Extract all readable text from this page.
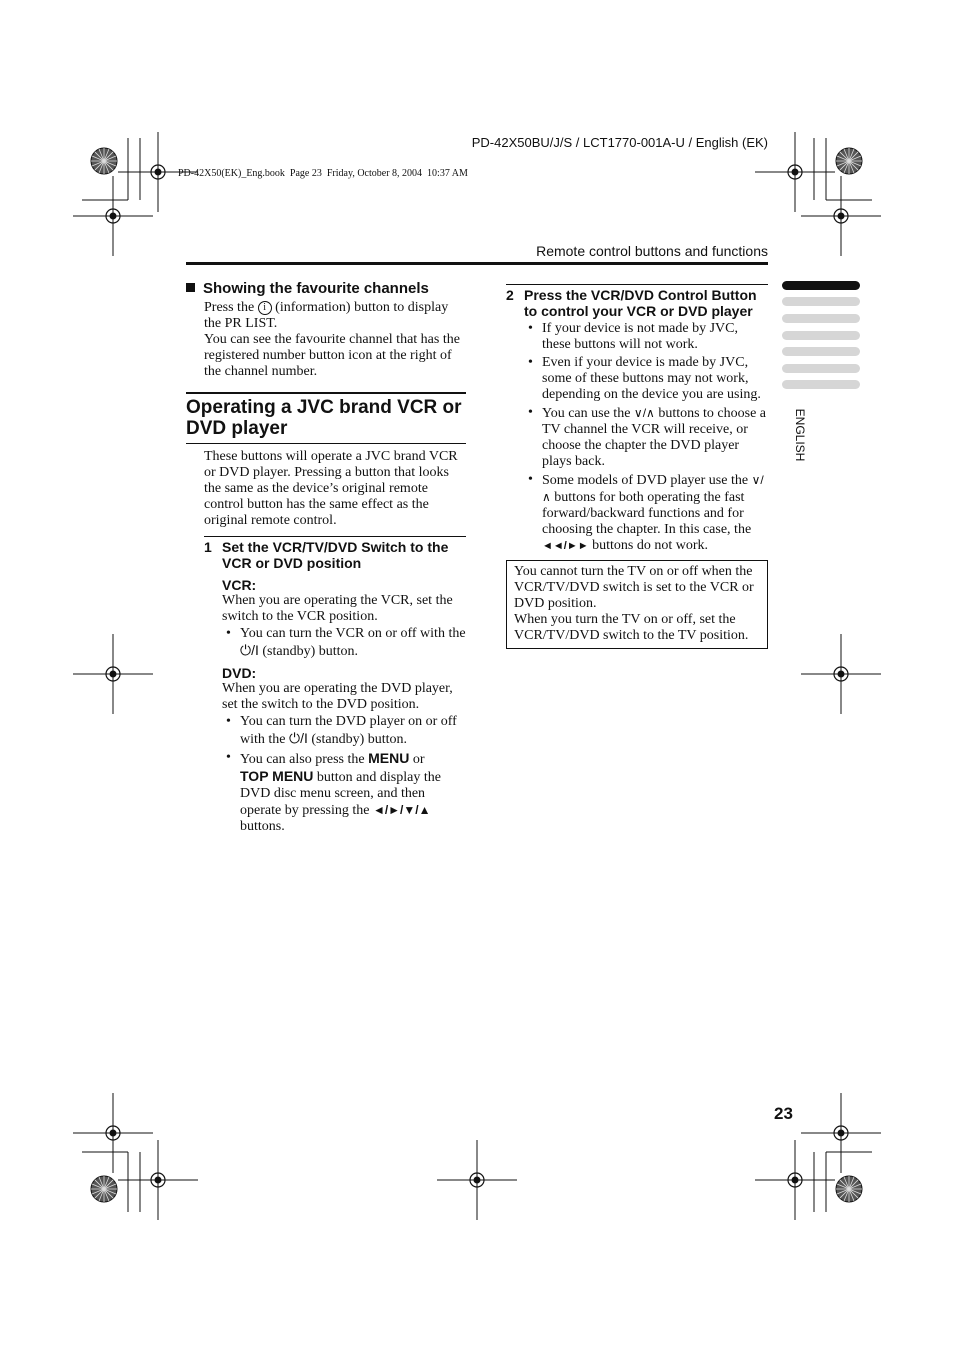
PD-42X50BU/J/S / LCT1770-001A-U / English (EK)
PD-42X50(EK)_Eng.book  Page 23  Friday, October 8, 2004  10:37 AM
Remote control buttons and functions
ENGLISH
Showing the favourite channels

Press the i (information) button to display the PR LIST.

You can see the favourite channel that has the registered number button icon at the right of the channel number.

Operating a JVC brand VCR or DVD player

These buttons will operate a JVC brand VCR or DVD player. Pressing a button that looks the same as the device’s original remote control button has the same effect as the original remote control.

1 Set the VCR/TV/DVD Switch to the VCR or DVD position
VCR:

When you are operating the VCR, set the switch to the VCR position.

• You can turn the VCR on or off with the ⏻/I (standby) button.
DVD:

When you are operating the DVD player, set the switch to the DVD position.

• You can turn the DVD player on or off with the ⏻/I (standby) button.
• You can also press the MENU or
TOP MENU button and display the DVD disc menu screen, and then operate by pressing the ◄/►/▼/▲ buttons.
2 Press the VCR/DVD Control Button to control your VCR or DVD player
• If your device is not made by JVC, these buttons will not work.
• Even if your device is made by JVC, some of these buttons may not work, depending on the device you are using.
• You can use the ∨/∧ buttons to choose a TV channel the VCR will receive, or choose the chapter the DVD player plays back.
• Some models of DVD player use the ∨/∧ buttons for both operating the fast forward/backward functions and for choosing the chapter. In this case, the ◄◄/►► buttons do not work.

You cannot turn the TV on or off when the VCR/TV/DVD switch is set to the VCR or DVD position.

When you turn the TV on or off, set the VCR/TV/DVD switch to the TV position.

23
